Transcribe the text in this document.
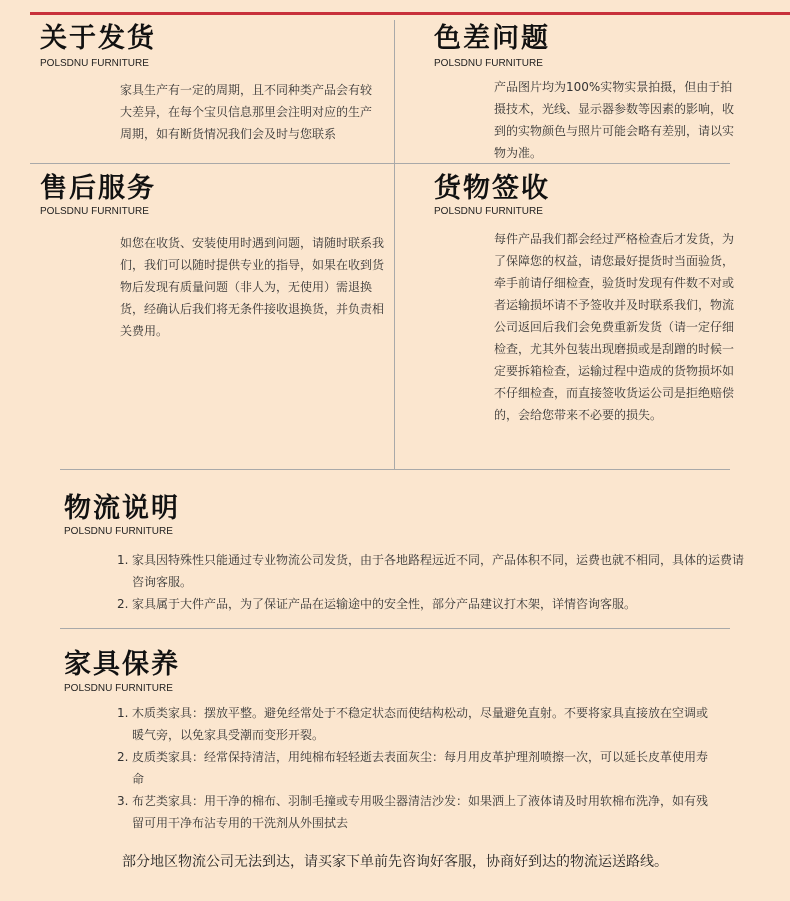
关于发货
POLSDNU FURNITURE

家具生产有一定的周期，且不同种类产品会有较大差异，在每个宝贝信息那里会注明对应的生产周期，如有断货情况我们会及时与您联系

色差问题
POLSDNU FURNITURE

产品图片均为100%实物实景拍摄，但由于拍摄技术，光线、显示器参数等因素的影响，收到的实物颜色与照片可能会略有差别，请以实物为准。

售后服务
POLSDNU FURNITURE

如您在收货、安装使用时遇到问题，请随时联系我们，我们可以随时提供专业的指导，如果在收到货物后发现有质量问题（非人为，无使用）需退换货，经确认后我们将无条件接收退换货，并负责相关费用。

货物签收
POLSDNU FURNITURE

每件产品我们都会经过严格检查后才发货，为了保障您的权益，请您最好提货时当面验货，牵手前请仔细检查，验货时发现有件数不对或者运输损坏请不予签收并及时联系我们，物流公司返回后我们会免费重新发货（请一定仔细检查，尤其外包装出现磨损或是刮蹭的时候一定要拆箱检查，运输过程中造成的货物损坏如不仔细检查，而直接签收货运公司是拒绝赔偿的，会给您带来不必要的损失。

物流说明
POLSDNU FURNITURE
1. 家具因特殊性只能通过专业物流公司发货，由于各地路程远近不同，产品体积不同，运费也就不相同，具体的运费请咨询客服。
2. 家具属于大件产品，为了保证产品在运输途中的安全性，部分产品建议打木架，详情咨询客服。
家具保养
POLSDNU FURNITURE
1. 木质类家具：摆放平整。避免经常处于不稳定状态而使结构松动，尽量避免直射。不要将家具直接放在空调或暖气旁，以免家具受潮而变形开裂。
2. 皮质类家具：经常保持清洁，用纯棉布轻轻逝去表面灰尘：每月用皮革护理剂喷擦一次，可以延长皮革使用寿命
3. 布艺类家具：用干净的棉布、羽制毛撞或专用吸尘器清洁沙发：如果洒上了液体请及时用软棉布洗净，如有残留可用干净布沾专用的干洗剂从外围拭去
部分地区物流公司无法到达，请买家下单前先咨询好客服，协商好到达的物流运送路线。
